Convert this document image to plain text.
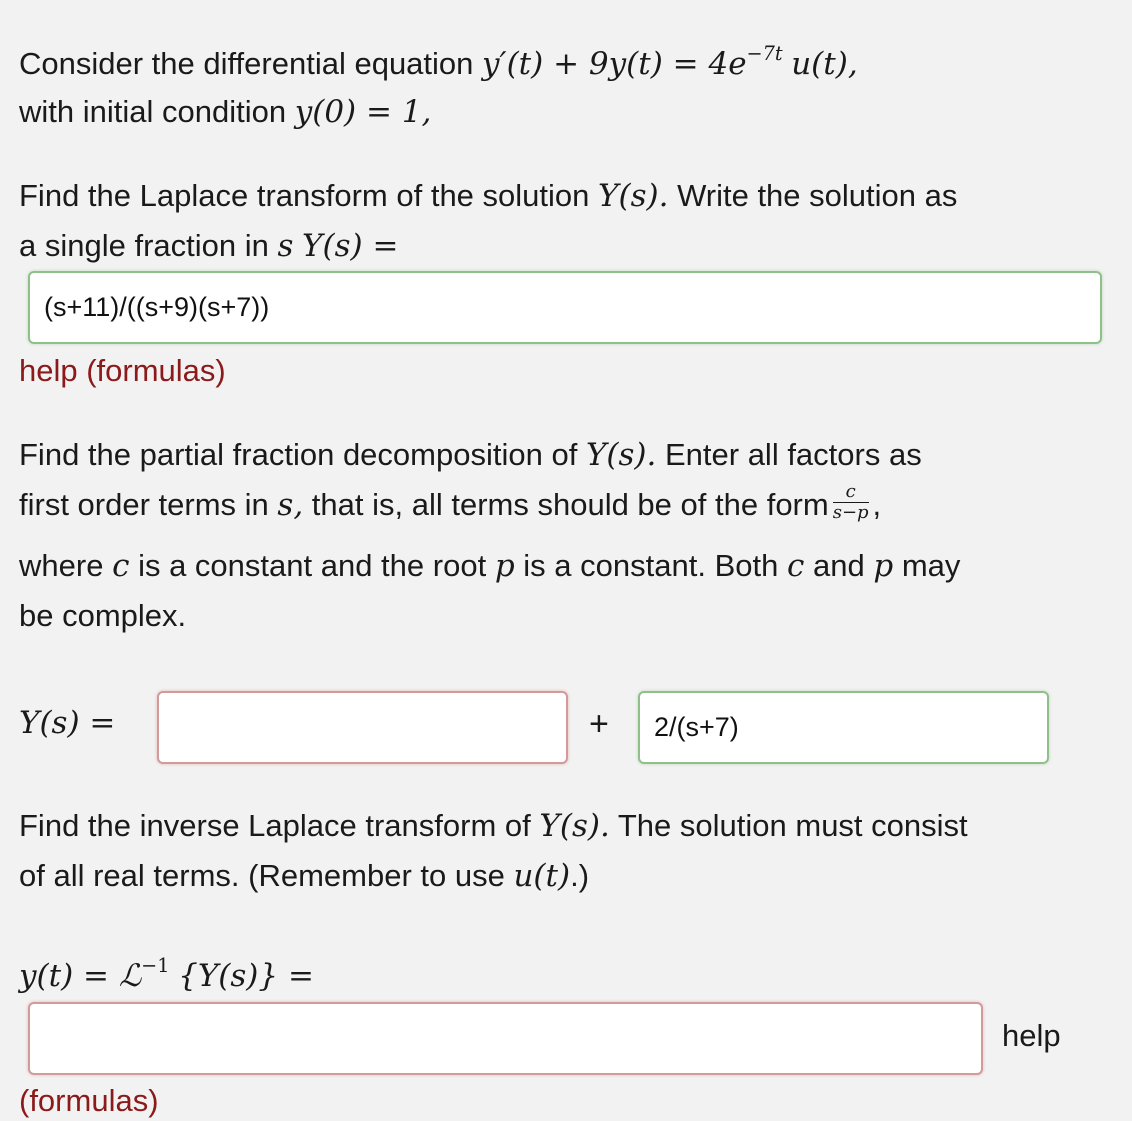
Consider the differential equation $y'(t) + 9y(t) = 4e^{-7t}$ u(t),
with initial condition y(0) = 1,
Find the Laplace transform of the solution Y(s). Write the solution as
a single fraction in s Y(s) =
(s+11)/((s+9)(s+7))
help (formulas)
Find the partial fraction decomposition of Y(s). Enter all factors as
first order terms in s, that is, all terms should be of the form $\frac{c}{s-p}$ ,
where c is a constant and the root p is a constant. Both c and p may
be complex.
Y(s) =	+ 2/(s+7)
Find the inverse Laplace transform of Y(s). The solution must consist
of all real terms. (Remember to use u(t).)
y(t) = ℒ$^{-1}$ {Y(s)} =
help
(formulas)
